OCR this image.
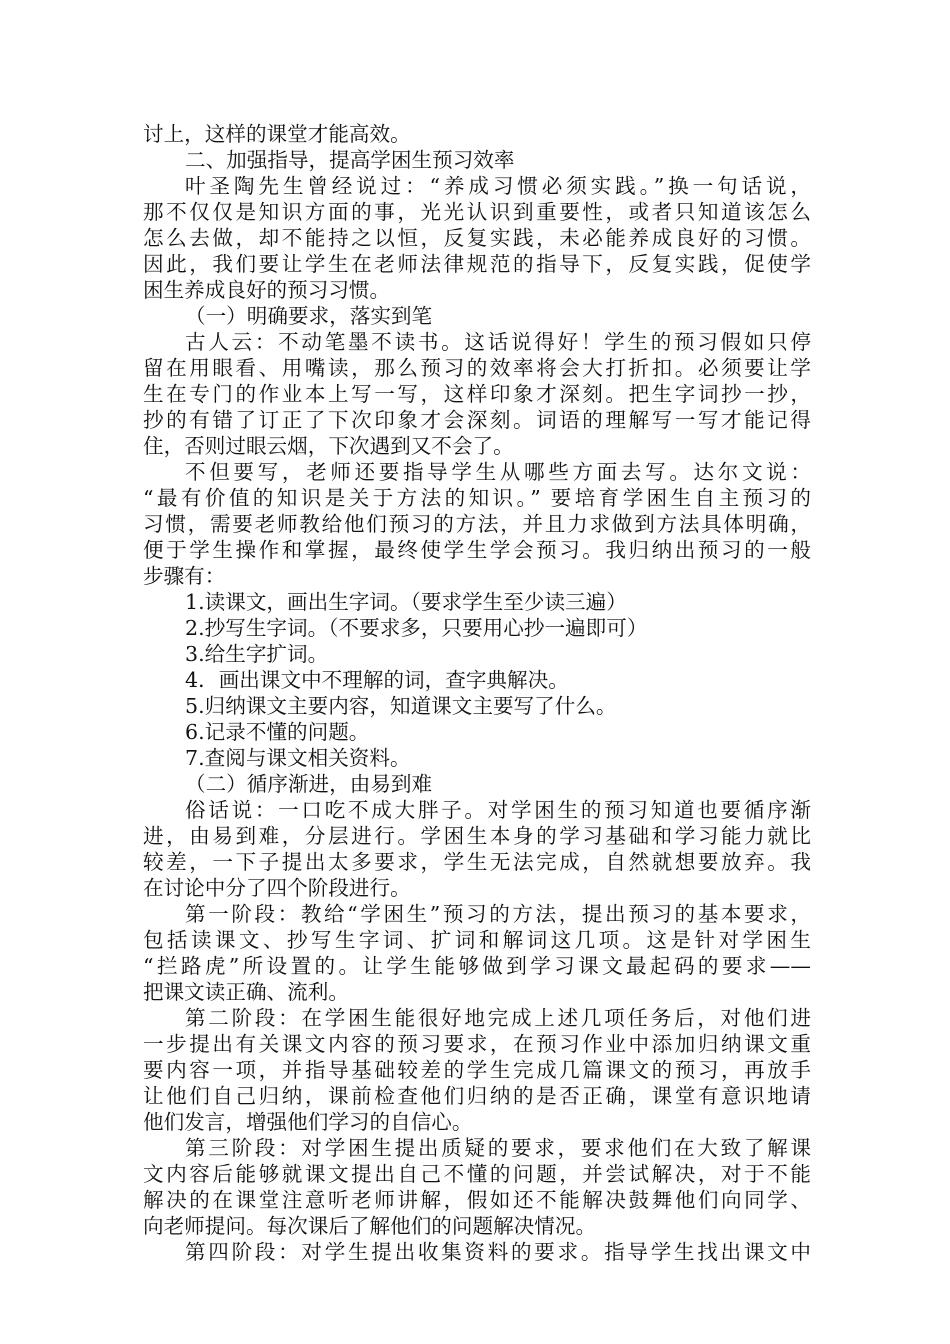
讨上，这样的课堂才能高效。
二、加强指导，提高学困生预习效率
叶圣陶先生曾经说过：“养成习惯必须实践。”换一句话说，
那不仅仅是知识方面的事，光光认识到重要性，或者只知道该怎么
怎么去做，却不能持之以恒，反复实践，未必能养成良好的习惯。
因此，我们要让学生在老师法律规范的指导下，反复实践，促使学
困生养成良好的预习习惯。
（一）明确要求，落实到笔
古人云：不动笔墨不读书。这话说得好！学生的预习假如只停
留在用眼看、用嘴读，那么预习的效率将会大打折扣。必须要让学
生在专门的作业本上写一写，这样印象才深刻。把生字词抄一抄，
抄的有错了订正了下次印象才会深刻。词语的理解写一写才能记得
住，否则过眼云烟，下次遇到又不会了。
不但要写，老师还要指导学生从哪些方面去写。达尔文说：
“最有价值的知识是关于方法的知识。” 要培育学困生自主预习的
习惯，需要老师教给他们预习的方法，并且力求做到方法具体明确，
便于学生操作和掌握，最终使学生学会预习。我归纳出预习的一般
步骤有：
1.读课文，画出生字词。（要求学生至少读三遍）
2.抄写生字词。（不要求多，只要用心抄一遍即可）
3.给生字扩词。
4．画出课文中不理解的词，查字典解决。
5.归纳课文主要内容，知道课文主要写了什么。
6.记录不懂的问题。
7.查阅与课文相关资料。
（二）循序渐进，由易到难
俗话说：一口吃不成大胖子。对学困生的预习知道也要循序渐
进，由易到难，分层进行。学困生本身的学习基础和学习能力就比
较差，一下子提出太多要求，学生无法完成，自然就想要放弃。我
在讨论中分了四个阶段进行。
第一阶段：教给“学困生”预习的方法，提出预习的基本要求，
包括读课文、抄写生字词、扩词和解词这几项。这是针对学困生
“拦路虎”所设置的。让学生能够做到学习课文最起码的要求——
把课文读正确、流利。
第二阶段：在学困生能很好地完成上述几项任务后，对他们进
一步提出有关课文内容的预习要求，在预习作业中添加归纳课文重
要内容一项，并指导基础较差的学生完成几篇课文的预习，再放手
让他们自己归纳，课前检查他们归纳的是否正确，课堂有意识地请
他们发言，增强他们学习的自信心。
第三阶段：对学困生提出质疑的要求，要求他们在大致了解课
文内容后能够就课文提出自己不懂的问题，并尝试解决，对于不能
解决的在课堂注意听老师讲解，假如还不能解决鼓舞他们向同学、
向老师提问。每次课后了解他们的问题解决情况。
第四阶段：对学生提出收集资料的要求。指导学生找出课文中
